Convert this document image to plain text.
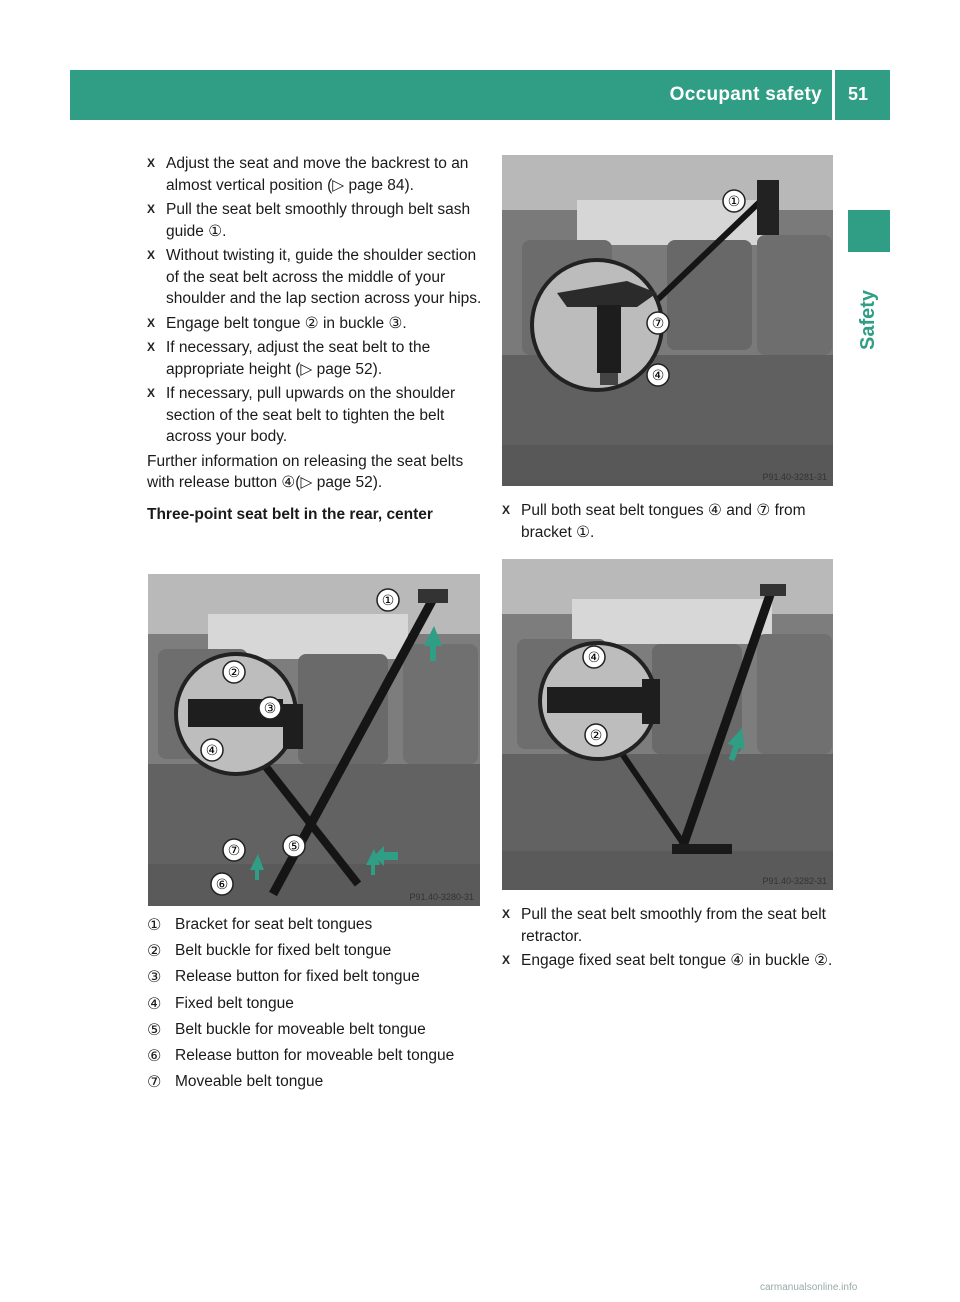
Occupant safety	51
Safety
X Adjust the seat and move the backrest to an almost vertical position (▷ page 84).
X Pull the seat belt smoothly through belt sash guide ①.
X Without twisting it, guide the shoulder section of the seat belt across the middle of your shoulder and the lap section across your hips.
X Engage belt tongue ② in buckle ③.
X If necessary, adjust the seat belt to the appropriate height (▷ page 52).
X If necessary, pull upwards on the shoulder section of the seat belt to tighten the belt across your body.
Further information on releasing the seat belts with release button ④(▷ page 52).
Three-point seat belt in the rear, center
①
②
③
④
⑤
⑥
⑦
P91.40-3280-31
① Bracket for seat belt tongues
② Belt buckle for fixed belt tongue
③ Release button for fixed belt tongue
④ Fixed belt tongue
⑤ Belt buckle for moveable belt tongue
⑥ Release button for moveable belt tongue
⑦ Moveable belt tongue
①
⑦
④
P91.40-3281-31
X Pull both seat belt tongues ④ and ⑦ from bracket ①.
④
②
P91.40-3282-31
X Pull the seat belt smoothly from the seat belt retractor.
X Engage fixed seat belt tongue ④ in buckle ②.
carmanualsonline.info
